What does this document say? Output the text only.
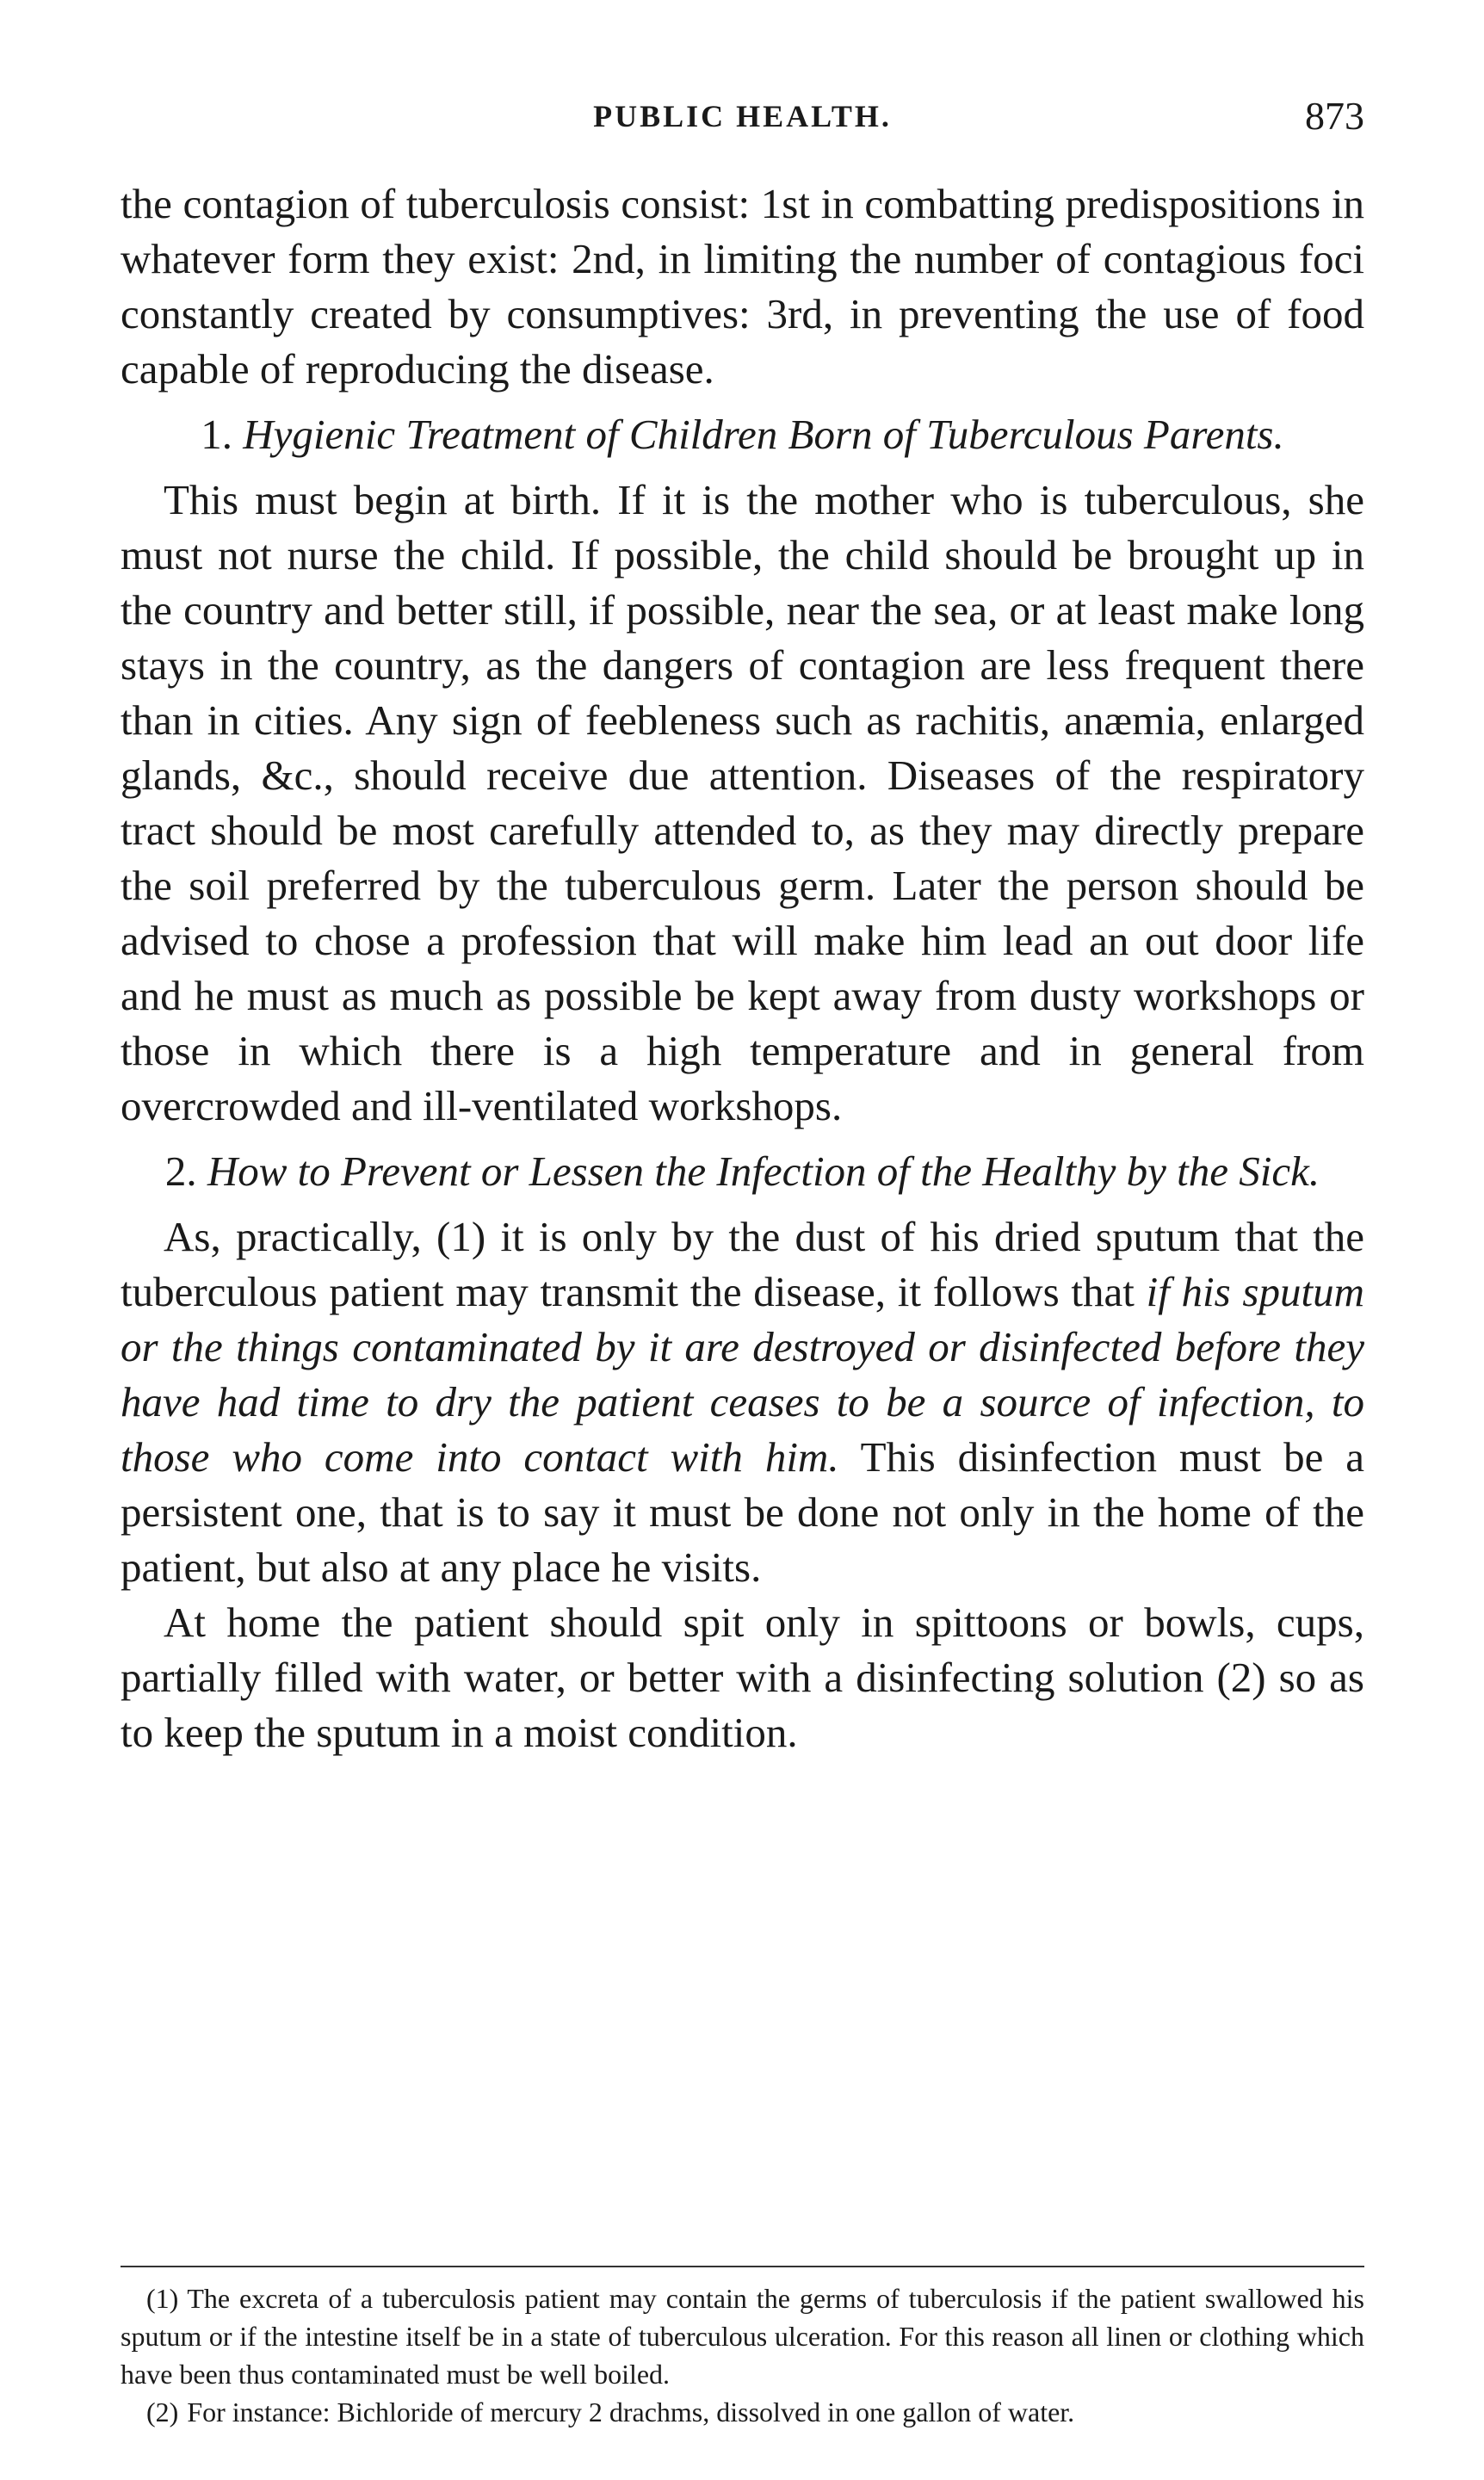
PUBLIC HEALTH.	873

the contagion of tuberculosis consist: 1st in combatting predispositions in whatever form they exist: 2nd, in limiting the number of contagious foci constantly created by consumptives: 3rd, in preventing the use of food capable of reproducing the disease.

1. Hygienic Treatment of Children Born of Tuberculous Parents.

This must begin at birth. If it is the mother who is tuberculous, she must not nurse the child. If possible, the child should be brought up in the country and better still, if possible, near the sea, or at least make long stays in the country, as the dangers of contagion are less frequent there than in cities. Any sign of feebleness such as rachitis, anæmia, enlarged glands, &c., should receive due attention. Diseases of the respiratory tract should be most carefully attended to, as they may directly prepare the soil preferred by the tuberculous germ. Later the person should be advised to chose a profession that will make him lead an out door life and he must as much as possible be kept away from dusty workshops or those in which there is a high temperature and in general from overcrowded and ill-ventilated workshops.

2. How to Prevent or Lessen the Infection of the Healthy by the Sick.

As, practically, (1) it is only by the dust of his dried sputum that the tuberculous patient may transmit the disease, it follows that if his sputum or the things contaminated by it are destroyed or disinfected before they have had time to dry the patient ceases to be a source of infection, to those who come into contact with him. This disinfection must be a persistent one, that is to say it must be done not only in the home of the patient, but also at any place he visits.

At home the patient should spit only in spittoons or bowls, cups, partially filled with water, or better with a disinfecting solution (2) so as to keep the sputum in a moist condition.

(1) The excreta of a tuberculosis patient may contain the germs of tuberculosis if the patient swallowed his sputum or if the intestine itself be in a state of tuberculous ulceration. For this reason all linen or clothing which have been thus contaminated must be well boiled.

(2) For instance: Bichloride of mercury 2 drachms, dissolved in one gallon of water.
